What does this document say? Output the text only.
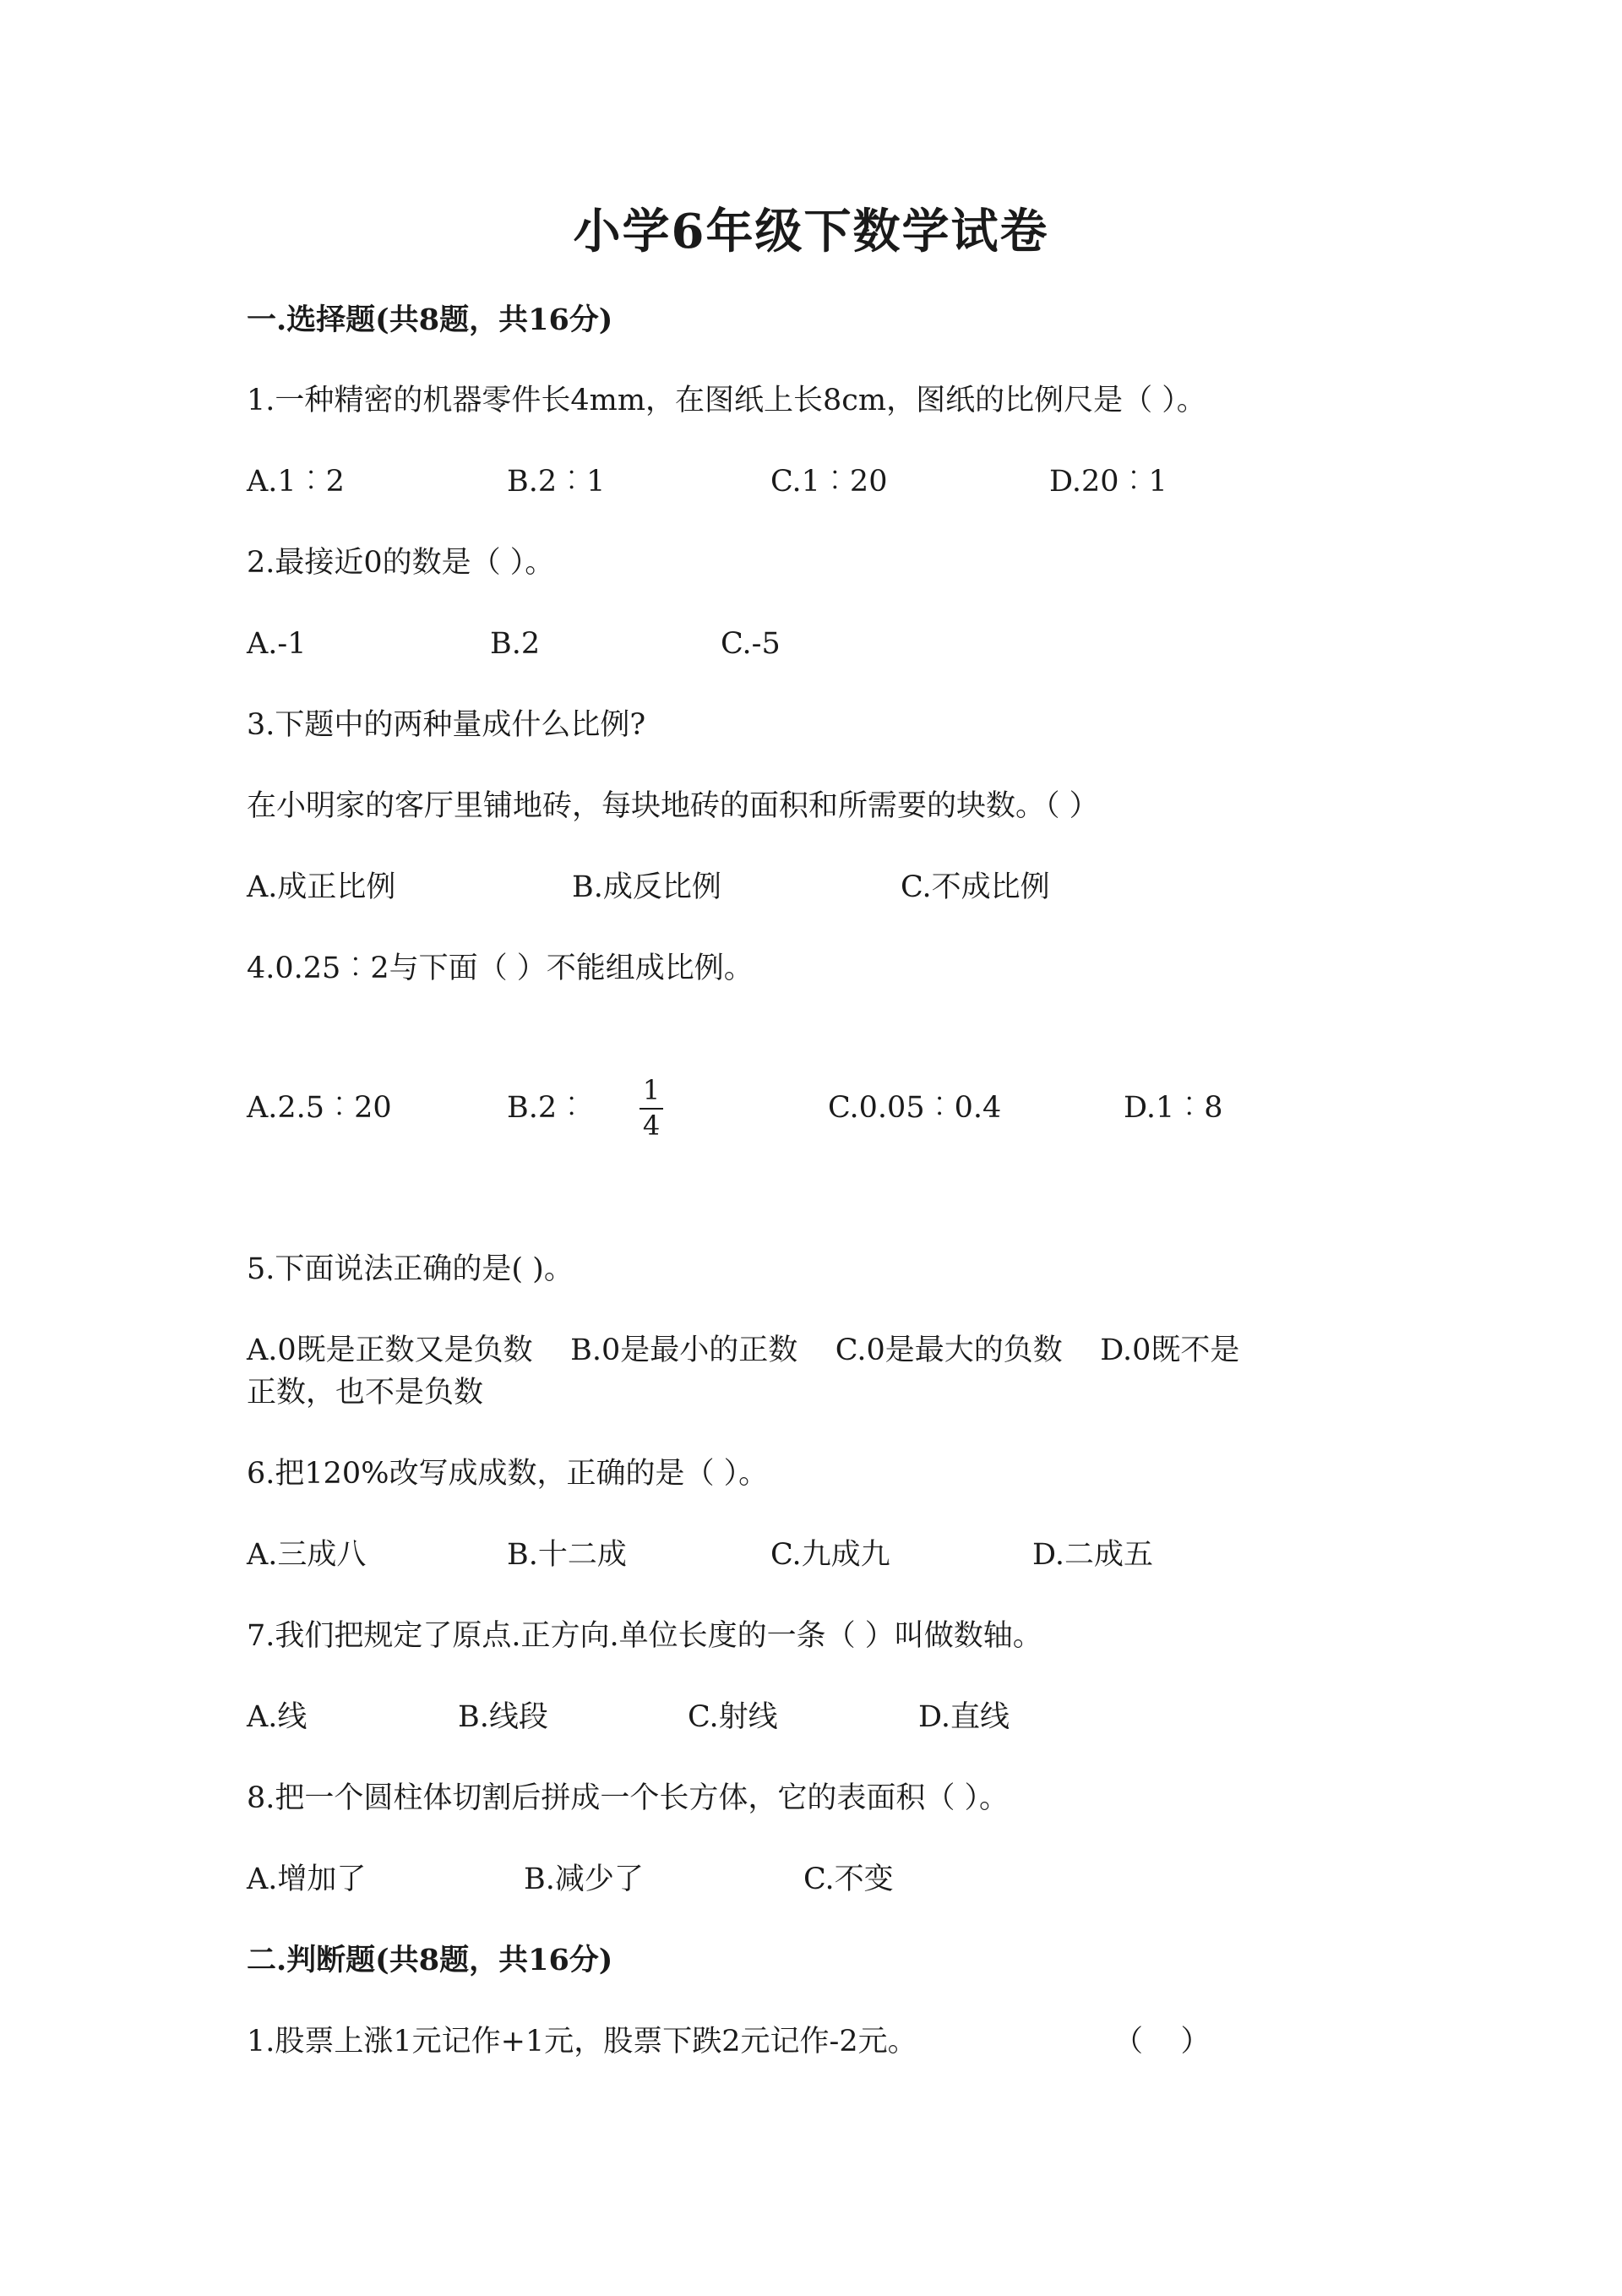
小学6年级下数学试卷
一.选择题(共8题，共16分)
1.一种精密的机器零件长4mm，在图纸上长8cm，图纸的比例尺是（ ）。
A.1︰2	B.2︰1	C.1︰20	D.20︰1
2.最接近0的数是（ ）。
A.-1	B.2	C.-5
3.下题中的两种量成什么比例?
在小明家的客厅里铺地砖，每块地砖的面积和所需要的块数。（ ）
A.成正比例	B.成反比例	C.不成比例
4.0.25︰2与下面（ ）不能组成比例。
A.2.5︰20	B.2︰
1
4
C.0.05︰0.4	D.1︰8
5.下面说法正确的是( )。
A.0既是正数又是负数    B.0是最小的正数    C.0是最大的负数    D.0既不是
正数，也不是负数
6.把120%改写成成数，正确的是（ ）。
A.三成八	B.十二成	C.九成九	D.二成五
7.我们把规定了原点.正方向.单位长度的一条（ ）叫做数轴。
A.线	B.线段	C.射线	D.直线
8.把一个圆柱体切割后拼成一个长方体，它的表面积（ ）。
A.增加了	B.减少了	C.不变
二.判断题(共8题，共16分)
1.股票上涨1元记作+1元，股票下跌2元记作-2元。	（    ）
